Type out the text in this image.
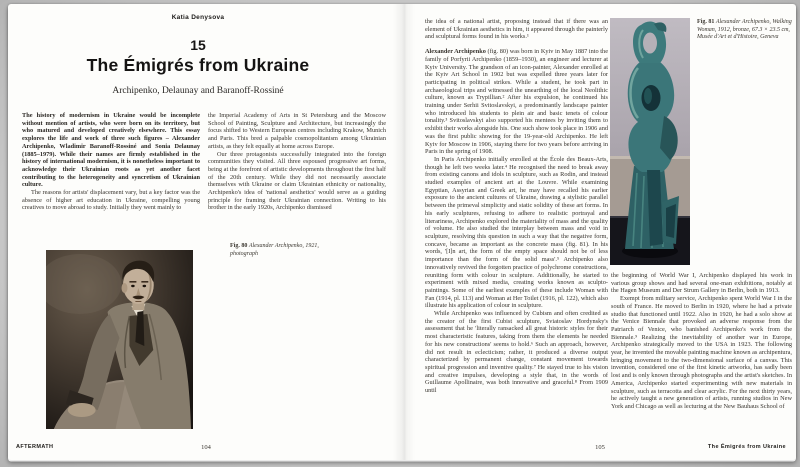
Katia Denysova
15
The Émigrés from Ukraine
Archipenko, Delaunay and Baranoff-Rossiné

The history of modernism in Ukraine would be incomplete without mention of artists, who were born on its territory, but who matured and developed creatively elsewhere. This essay explores the life and work of three such figures – Alexander Archipenko, Wladimir Baranoff-Rossiné and Sonia Delaunay (1885–1979). While their names are firmly established in the history of international modernism, it is nonetheless important to acknowledge their Ukrainian roots as yet another facet contributing to the heterogeneity and syncretism of Ukrainian culture.

The reasons for artists' displacement vary, but a key factor was the absence of higher art education in Ukraine, compelling young creatives to move abroad to study. Initially they went mainly to

the Imperial Academy of Arts in St Petersburg and the Moscow School of Painting, Sculpture and Architecture, but increasingly the focus shifted to Western European centres including Krakow, Munich and Paris. This bred a palpable cosmopolitanism among Ukrainian artists, as they felt equally at home across Europe.

Our three protagonists successfully integrated into the foreign communities they visited. All three espoused progressive art forms, being at the forefront of artistic developments throughout the first half of the 20th century. While they did not necessarily associate themselves with Ukraine or claim Ukrainian ethnicity or nationality, Archipenko's idea of 'national aesthetics' would serve as a guiding principle for framing their Ukrainian connection. Writing to his brother in the early 1920s, Archipenko dismissed

Fig. 80 Alexander Archipenko, 1921, photograph
AFTERMATH	104

the idea of a national artist, proposing instead that if there was an element of Ukrainian aesthetics in him, it appeared through the painterly and sculptural forms found in his works.¹

Alexander Archipenko (fig. 80) was born in Kyiv in May 1887 into the family of Porfyrii Archipenko (1859–1930), an engineer and lecturer at Kyiv University. The grandson of an icon-painter, Alexander enrolled at the Kyiv Art School in 1902 but was expelled three years later for participating in political strikes. While a student, he took part in archaeological trips and witnessed the unearthing of the local Neolithic culture, known as Trypillian.² After his expulsion, he continued his training under Serhii Svitoslavskyi, a predominantly landscape painter who introduced his students to plein air and basic tenets of colour tonality.³ Svitoslavskyi also supported his mentees by inviting them to exhibit their works alongside his. One such show took place in 1906 and was the first public showing for the 19-year-old Archipenko. He left Kyiv for Moscow in 1906, staying there for two years before arriving in Paris in the spring of 1908.

In Paris Archipenko initially enrolled at the École des Beaux-Arts, though he left two weeks later.⁴ He recognised the need to break away from existing canons and idols in sculpture, such as Rodin, and instead studied examples of ancient art at the Louvre. While examining Egyptian, Assyrian and Greek art, he may have recalled his earlier exposure to the ancient cultures of Ukraine, drawing a stylistic parallel between the primeval simplicity and static solidity of these art forms. In his early sculptures, refusing to adhere to realistic portrayal and literariness, Archipenko explored the materiality of mass and the quality of volume. He also studied the interplay between mass and void in sculpture, resolving this question in such a way that the negative form, concave, became as important as the concrete mass (fig. 81). In his words, '[I]n art, the form of the empty space should not be of less importance than the form of the solid mass'.⁵ Archipenko also innovatively revived the forgotten practice of polychrome constructions, reuniting form with colour in sculpture. Additionally, he started to experiment with mixed media, creating works known as sculpto-paintings. Some of the earliest examples of these include Woman with Fan (1914, pl. 113) and Woman at Her Toilet (1916, pl. 122), which also illustrate his application of colour in sculpture.

While Archipenko was influenced by Cubism and often credited as the creator of the first Cubist sculpture, Sviatoslav Hordynsky's assessment that he 'literally ransacked all great historic styles for their most characteristic features, taking from them the elements he needed for his new constructions' seems to hold.⁶ Such an approach, however, did not result in eclecticism; rather, it produced a diverse output characterized by permanent change, constant movement towards spiritual progression and inventive quality.⁷ He stayed true to his vision and creative impulses, developing a style that, in the words of Guillaume Apollinaire, was both innovative and graceful.⁸ From 1909 until

Fig. 81 Alexander Archipenko, Walking Woman, 1912, bronze, 67.3 × 23.5 cm, Musée d'Art et d'Histoire, Geneva

the beginning of World War I, Archipenko displayed his work in various group shows and had several one-man exhibitions, notably at the Hagen Museum and Der Strum Gallery in Berlin, both in 1913.

Exempt from military service, Archipenko spent World War I in the south of France. He moved to Berlin in 1920, where he had a private studio that functioned until 1922. Also in 1920, he had a solo show at the Venice Biennale that provoked an adverse response from the Patriarch of Venice, who banished Archipenko's work from the Biennale.⁹ Realizing the inevitability of another war in Europe, Archipenko strategically moved to the USA in 1923. The following year, he invented the movable painting machine known as archipentura, bringing movement to the two-dimensional surface of a canvas. This invention, considered one of the first kinetic artworks, has sadly been lost and is only known through photographs and the artist's sketches. In America, Archipenko started experimenting with new materials in sculpture, such as terracotta and clear acrylic. For the next thirty years, he actively taught a new generation of artists, running studios in New York and Chicago as well as lecturing at the New Bauhaus School of

105	The Émigrés from Ukraine
